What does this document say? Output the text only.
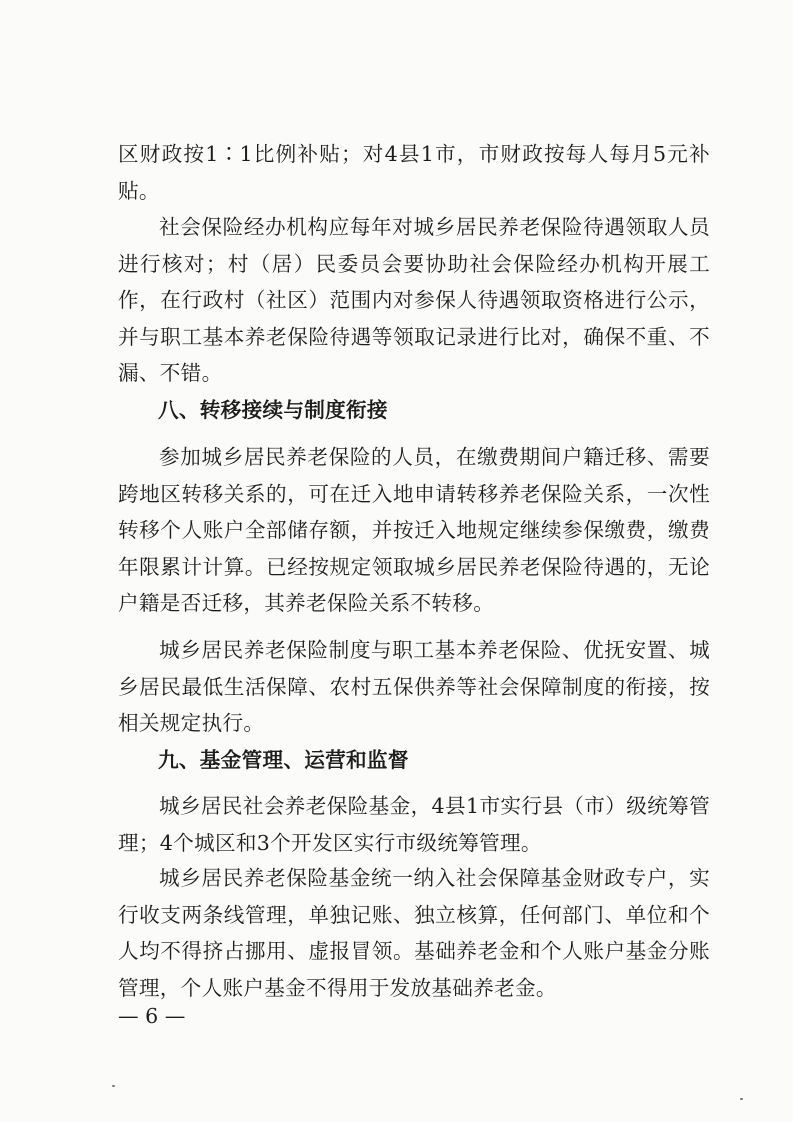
区财政按1∶1比例补贴；对4县1市，市财政按每人每月5元补贴。

社会保险经办机构应每年对城乡居民养老保险待遇领取人员进行核对；村（居）民委员会要协助社会保险经办机构开展工作，在行政村（社区）范围内对参保人待遇领取资格进行公示，并与职工基本养老保险待遇等领取记录进行比对，确保不重、不漏、不错。

八、转移接续与制度衔接

参加城乡居民养老保险的人员，在缴费期间户籍迁移、需要跨地区转移关系的，可在迁入地申请转移养老保险关系，一次性转移个人账户全部储存额，并按迁入地规定继续参保缴费，缴费年限累计计算。已经按规定领取城乡居民养老保险待遇的，无论户籍是否迁移，其养老保险关系不转移。

城乡居民养老保险制度与职工基本养老保险、优抚安置、城乡居民最低生活保障、农村五保供养等社会保障制度的衔接，按相关规定执行。

九、基金管理、运营和监督

城乡居民社会养老保险基金，4县1市实行县（市）级统筹管理；4个城区和3个开发区实行市级统筹管理。

城乡居民养老保险基金统一纳入社会保障基金财政专户，实行收支两条线管理，单独记账、独立核算，任何部门、单位和个人均不得挤占挪用、虚报冒领。基础养老金和个人账户基金分账管理，个人账户基金不得用于发放基础养老金。

— 6 —
